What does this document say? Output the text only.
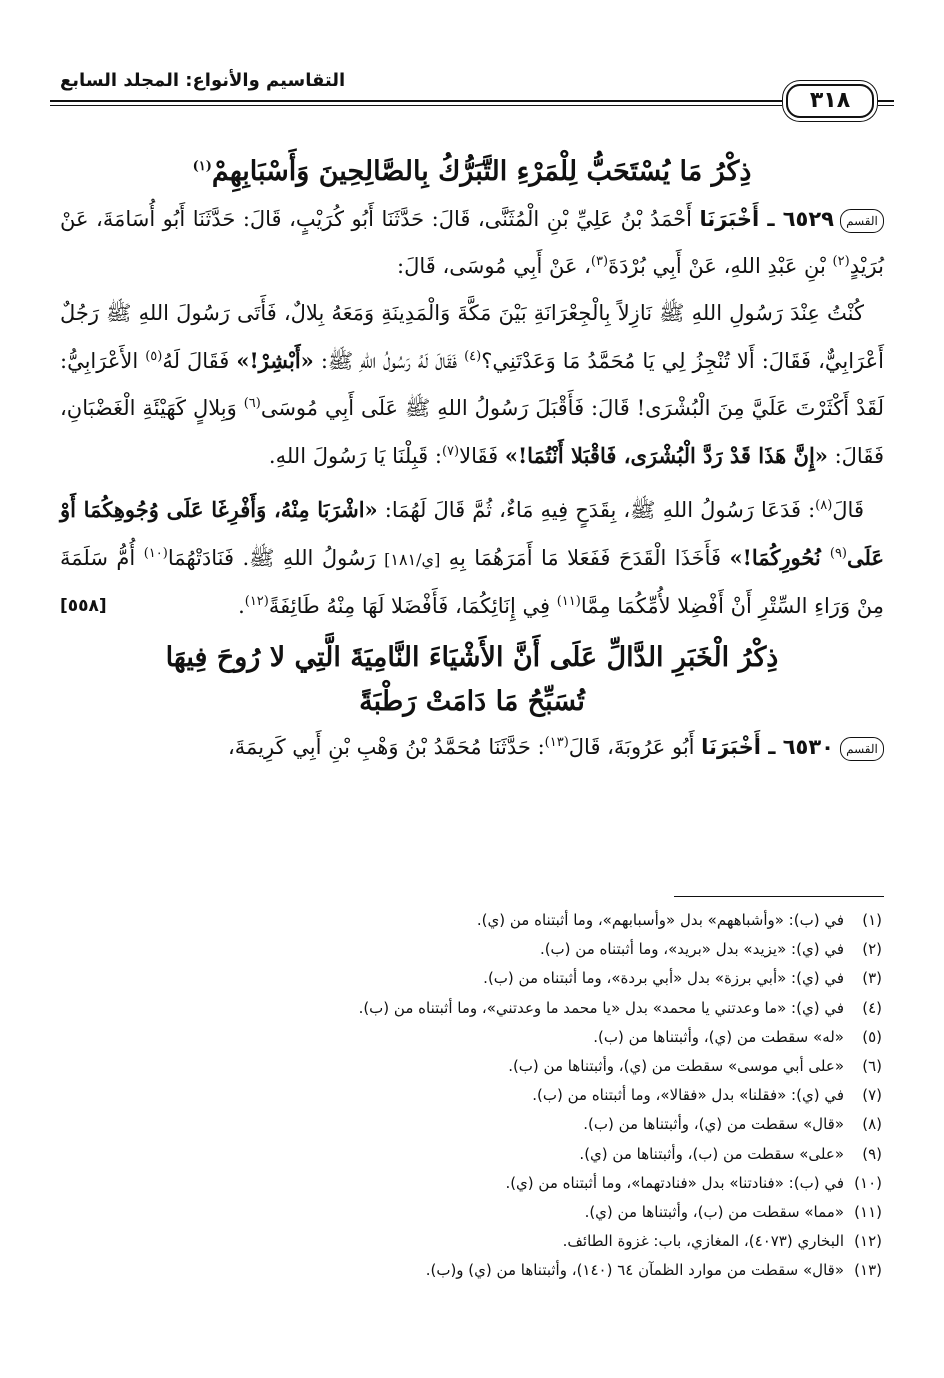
٣١٨
التقاسيم والأنواع: المجلد السابع
ذِكْرُ مَا يُسْتَحَبُّ لِلْمَرْءِ التَّبَرُّكُ بِالصَّالِحِينَ وَأَسْبَابِهِمْ$^{(١)}$

القسم٦٥٢٩ ـ أَخْبَرَنَا أَحْمَدُ بْنُ عَلِيِّ بْنِ الْمُثَنَّى، قَالَ: حَدَّثَنَا أَبُو كُرَيْبٍ، قَالَ: حَدَّثَنَا أَبُو أُسَامَةَ، عَنْ بُرَيْدٍ$^{(٢)}$ بْنِ عَبْدِ اللهِ، عَنْ أَبِي بُرْدَةَ$^{(٣)}$، عَنْ أَبِي مُوسَى، قَالَ:

كُنْتُ عِنْدَ رَسُولِ اللهِ ﷺ نَازِلاً بِالْجِعْرَانَةِ بَيْنَ مَكَّةَ وَالْمَدِينَةِ وَمَعَهُ بِلالٌ، فَأَتَى رَسُولَ اللهِ ﷺ رَجُلٌ أَعْرَابِيٌّ، فَقَالَ: أَلا تُنْجِزُ لِي يَا مُحَمَّدُ مَا وَعَدْتَنِي؟$^{(٤)}$ فَقَالَ لَهُ رَسُولُ اللهِ ﷺ: «أَبْشِرْ!» فَقَالَ لَهُ$^{(٥)}$ الأَعْرَابِيُّ: لَقَدْ أَكْثَرْتَ عَلَيَّ مِنَ الْبُشْرَى! قَالَ: فَأَقْبَلَ رَسُولُ اللهِ ﷺ عَلَى أَبِي مُوسَى$^{(٦)}$ وَبِلالٍ كَهَيْئَةِ الْغَضْبَانِ، فَقَالَ: «إِنَّ هَذَا قَدْ رَدَّ الْبُشْرَى، فَاقْبَلا أَنْتُمَا!» فَقَالا$^{(٧)}$: قَبِلْنَا يَا رَسُولَ اللهِ.

قَالَ$^{(٨)}$: فَدَعَا رَسُولُ اللهِ ﷺ، بِقَدَحٍ فِيهِ مَاءٌ، ثُمَّ قَالَ لَهُمَا: «اشْرَبَا مِنْهُ، وَأَفْرِغَا عَلَى وُجُوهِكُمَا أَوْ عَلَى$^{(٩)}$ نُحُورِكُمَا!» فَأَخَذَا الْقَدَحَ فَفَعَلا مَا أَمَرَهُمَا بِهِ [ي/١٨١] رَسُولُ اللهِ ﷺ. فَنَادَتْهُمَا$^{(١٠)}$ أُمُّ سَلَمَةَ مِنْ وَرَاءِ السِّتْرِ أَنْ أَفْضِلا لأُمِّكُمَا مِمَّا$^{(١١)}$ فِي إِنَائِكُمَا، فَأَفْضَلا لَهَا مِنْهُ طَائِفَةً$^{(١٢)}$.
[٥٥٨]

ذِكْرُ الْخَبَرِ الدَّالِّ عَلَى أَنَّ الأَشْيَاءَ النَّامِيَةَ الَّتِي لا رُوحَ فِيهَا
تُسَبِّحُ مَا دَامَتْ رَطْبَةً

القسم٦٥٣٠ ـ أَخْبَرَنَا أَبُو عَرُوبَةَ، قَالَ$^{(١٣)}$: حَدَّثَنَا مُحَمَّدُ بْنُ وَهْبِ بْنِ أَبِي كَرِيمَةَ،

(١)في (ب): «وأشباههم» بدل «وأسبابهم»، وما أثبتناه من (ي).
(٢)في (ي): «يزيد» بدل «بريد»، وما أثبتناه من (ب).
(٣)في (ي): «أبي برزة» بدل «أبي بردة»، وما أثبتناه من (ب).
(٤)في (ي): «ما وعدتني يا محمد» بدل «يا محمد ما وعدتني»، وما أثبتناه من (ب).
(٥)«له» سقطت من (ي)، وأثبتناها من (ب).
(٦)«على أبي موسى» سقطت من (ي)، وأثبتناها من (ب).
(٧)في (ي): «فقلنا» بدل «فقالا»، وما أثبتناه من (ب).
(٨)«قال» سقطت من (ي)، وأثبتناها من (ب).
(٩)«على» سقطت من (ب)، وأثبتناها من (ي).
(١٠)في (ب): «فنادتنا» بدل «فنادتهما»، وما أثبتناه من (ي).
(١١)«مما» سقطت من (ب)، وأثبتناها من (ي).
(١٢)البخاري (٤٠٧٣)، المغازي، باب: غزوة الطائف.
(١٣)«قال» سقطت من موارد الظمآن ٦٤ (١٤٠)، وأثبتناها من (ي) و(ب).
